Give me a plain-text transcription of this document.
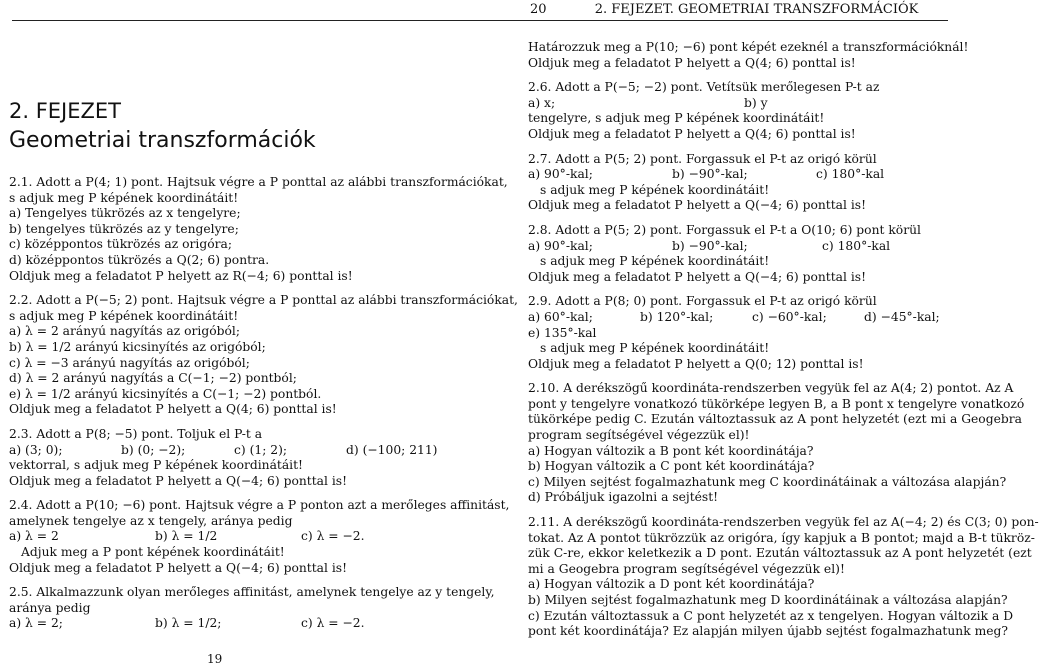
20	2. FEJEZET. GEOMETRIAI TRANSZFORMÁCIÓK
2. FEJEZET
Geometriai transzformációk
2.1. Adott a P(4; 1) pont. Hajtsuk végre a P ponttal az alábbi transzformációkat,
s adjuk meg P képének koordinátáit!
a) Tengelyes tükrözés az x tengelyre;
b) tengelyes tükrözés az y tengelyre;
c) középpontos tükrözés az origóra;
d) középpontos tükrözés a Q(2; 6) pontra.
Oldjuk meg a feladatot P helyett az R(−4; 6) ponttal is!
2.2. Adott a P(−5; 2) pont. Hajtsuk végre a P ponttal az alábbi transzformációkat,
s adjuk meg P képének koordinátáit!
a) λ = 2 arányú nagyítás az origóból;
b) λ = 1/2 arányú kicsinyítés az origóból;
c) λ = −3 arányú nagyítás az origóból;
d) λ = 2 arányú nagyítás a C(−1; −2) pontból;
e) λ = 1/2 arányú kicsinyítés a C(−1; −2) pontból.
Oldjuk meg a feladatot P helyett a Q(4; 6) ponttal is!
2.3. Adott a P(8; −5) pont. Toljuk el P-t a
a) (3; 0);	b) (0; −2);	c) (1; 2);	d) (−100; 211)
vektorral, s adjuk meg P képének koordinátáit!
Oldjuk meg a feladatot P helyett a Q(−4; 6) ponttal is!
2.4. Adott a P(10; −6) pont. Hajtsuk végre a P ponton azt a merőleges affinitást,
amelynek tengelye az x tengely, aránya pedig
a) λ = 2	b) λ = 1/2	c) λ = −2.
Adjuk meg a P pont képének koordinátáit!
Oldjuk meg a feladatot P helyett a Q(−4; 6) ponttal is!
2.5. Alkalmazzunk olyan merőleges affinitást, amelynek tengelye az y tengely,
aránya pedig
a) λ = 2;	b) λ = 1/2;	c) λ = −2.
19
Határozzuk meg a P(10; −6) pont képét ezeknél a transzformációknál!
Oldjuk meg a feladatot P helyett a Q(4; 6) ponttal is!
2.6. Adott a P(−5; −2) pont. Vetítsük merőlegesen P-t az
a) x;	b) y
tengelyre, s adjuk meg P képének koordinátáit!
Oldjuk meg a feladatot P helyett a Q(4; 6) ponttal is!
2.7. Adott a P(5; 2) pont. Forgassuk el P-t az origó körül
a) 90°-kal;	b) −90°-kal;	c) 180°-kal
s adjuk meg P képének koordinátáit!
Oldjuk meg a feladatot P helyett a Q(−4; 6) ponttal is!
2.8. Adott a P(5; 2) pont. Forgassuk el P-t a O(10; 6) pont körül
a) 90°-kal;	b) −90°-kal;	c) 180°-kal
s adjuk meg P képének koordinátáit!
Oldjuk meg a feladatot P helyett a Q(−4; 6) ponttal is!
2.9. Adott a P(8; 0) pont. Forgassuk el P-t az origó körül
a) 60°-kal;	b) 120°-kal;	c) −60°-kal;	d) −45°-kal;
e) 135°-kal
s adjuk meg P képének koordinátáit!
Oldjuk meg a feladatot P helyett a Q(0; 12) ponttal is!
2.10. A derékszögű koordináta-rendszerben vegyük fel az A(4; 2) pontot. Az A
pont y tengelyre vonatkozó tükörképe legyen B, a B pont x tengelyre vonatkozó
tükörképe pedig C. Ezután változtassuk az A pont helyzetét (ezt mi a Geogebra
program segítségével végezzük el)!
a) Hogyan változik a B pont két koordinátája?
b) Hogyan változik a C pont két koordinátája?
c) Milyen sejtést fogalmazhatunk meg C koordinátáinak a változása alapján?
d) Próbáljuk igazolni a sejtést!
2.11. A derékszögű koordináta-rendszerben vegyük fel az A(−4; 2) és C(3; 0) pon-
tokat. Az A pontot tükrözzük az origóra, így kapjuk a B pontot; majd a B-t tükröz-
zük C-re, ekkor keletkezik a D pont. Ezután változtassuk az A pont helyzetét (ezt
mi a Geogebra program segítségével végezzük el)!
a) Hogyan változik a D pont két koordinátája?
b) Milyen sejtést fogalmazhatunk meg D koordinátáinak a változása alapján?
c) Ezután változtassuk a C pont helyzetét az x tengelyen. Hogyan változik a D
pont két koordinátája? Ez alapján milyen újabb sejtést fogalmazhatunk meg?
